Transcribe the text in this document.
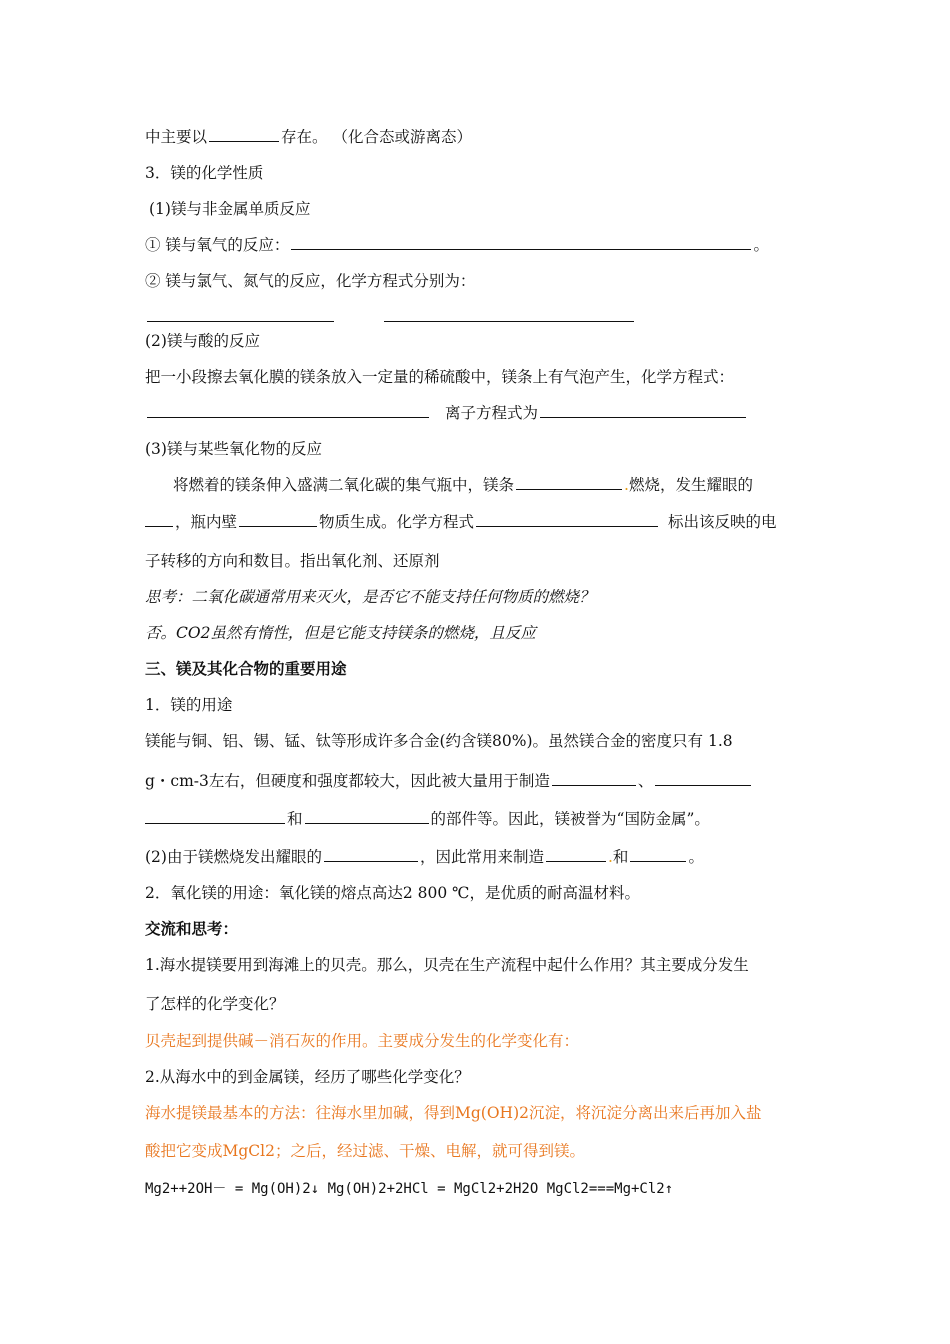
中主要以	存在。 （化合态或游离态）
3．镁的化学性质
(1)镁与非金属单质反应
① 镁与氧气的反应：	。
② 镁与氯气、氮气的反应，化学方程式分别为：
(2)镁与酸的反应
把一小段擦去氧化膜的镁条放入一定量的稀硫酸中，镁条上有气泡产生，化学方程式：
离子方程式为
(3)镁与某些氧化物的反应
将燃着的镁条伸入盛满二氧化碳的集气瓶中，镁条	.燃烧，发生耀眼的
，瓶内壁	物质生成。化学方程式	标出该反映的电
子转移的方向和数目。指出氧化剂、还原剂
思考：二氧化碳通常用来灭火，是否它不能支持任何物质的燃烧？
否。CO2虽然有惰性，但是它能支持镁条的燃烧，且反应
三、镁及其化合物的重要用途
1．镁的用途
镁能与铜、铝、锡、锰、钛等形成许多合金(约含镁80%)。虽然镁合金的密度只有 1.8
g・cm-3左右，但硬度和强度都较大，因此被大量用于制造	、
和	的部件等。因此，镁被誉为“国防金属”。
(2)由于镁燃烧发出耀眼的	，因此常用来制造	.和	。
2．氧化镁的用途：氧化镁的熔点高达2 800 ℃，是优质的耐高温材料。
交流和思考：
1.海水提镁要用到海滩上的贝壳。那么，贝壳在生产流程中起什么作用？其主要成分发生
了怎样的化学变化？
贝壳起到提供碱－消石灰的作用。主要成分发生的化学变化有：
2.从海水中的到金属镁，经历了哪些化学变化？
海水提镁最基本的方法：往海水里加碱，得到Mg(OH)2沉淀，将沉淀分离出来后再加入盐
酸把它变成MgCl2；之后，经过滤、干燥、电解，就可得到镁。
Mg2++2OH－ = Mg(OH)2↓ Mg(OH)2+2HCl = MgCl2+2H2O MgCl2===Mg+Cl2↑
